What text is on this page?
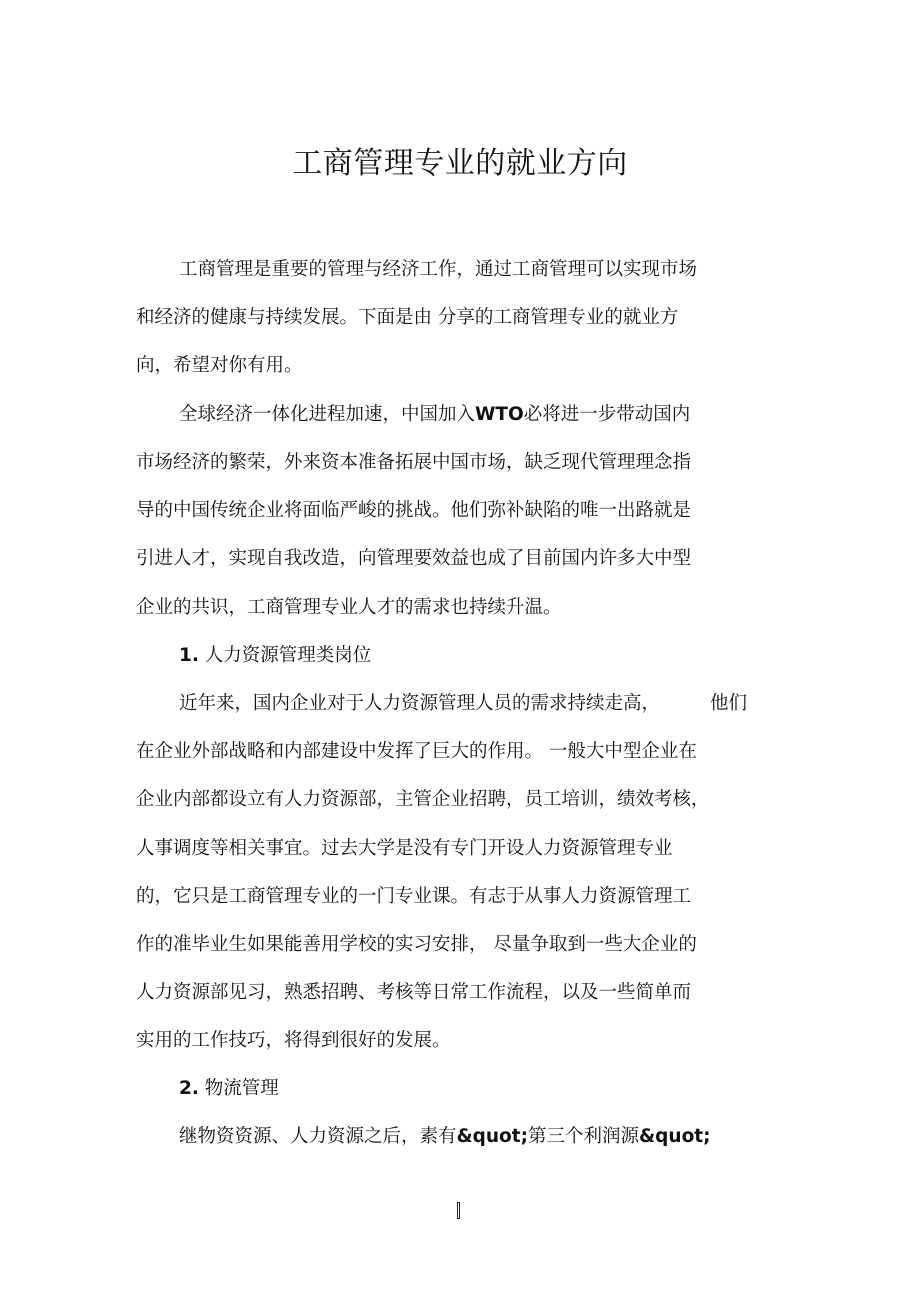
工商管理专业的就业方向
工商管理是重要的管理与经济工作，通过工商管理可以实现市场
和经济的健康与持续发展。下面是由 分享的工商管理专业的就业方
向，希望对你有用。
全球经济一体化进程加速，中国加入WTO必将进一步带动国内
市场经济的繁荣，外来资本准备拓展中国市场，缺乏现代管理理念指
导的中国传统企业将面临严峻的挑战。他们弥补缺陷的唯一出路就是
引进人才，实现自我改造，向管理要效益也成了目前国内许多大中型
企业的共识，工商管理专业人才的需求也持续升温。
1. 人力资源管理类岗位
近年来，国内企业对于人力资源管理人员的需求持续走高，	他们
在企业外部战略和内部建设中发挥了巨大的作用。 一般大中型企业在
企业内部都设立有人力资源部，主管企业招聘，员工培训，绩效考核，
人事调度等相关事宜。过去大学是没有专门开设人力资源管理专业
的，它只是工商管理专业的一门专业课。有志于从事人力资源管理工
作的准毕业生如果能善用学校的实习安排， 尽量争取到一些大企业的
人力资源部见习，熟悉招聘、考核等日常工作流程，以及一些简单而
实用的工作技巧，将得到很好的发展。
2. 物流管理
继物资资源、人力资源之后，素有&quot;第三个利润源&quot;
